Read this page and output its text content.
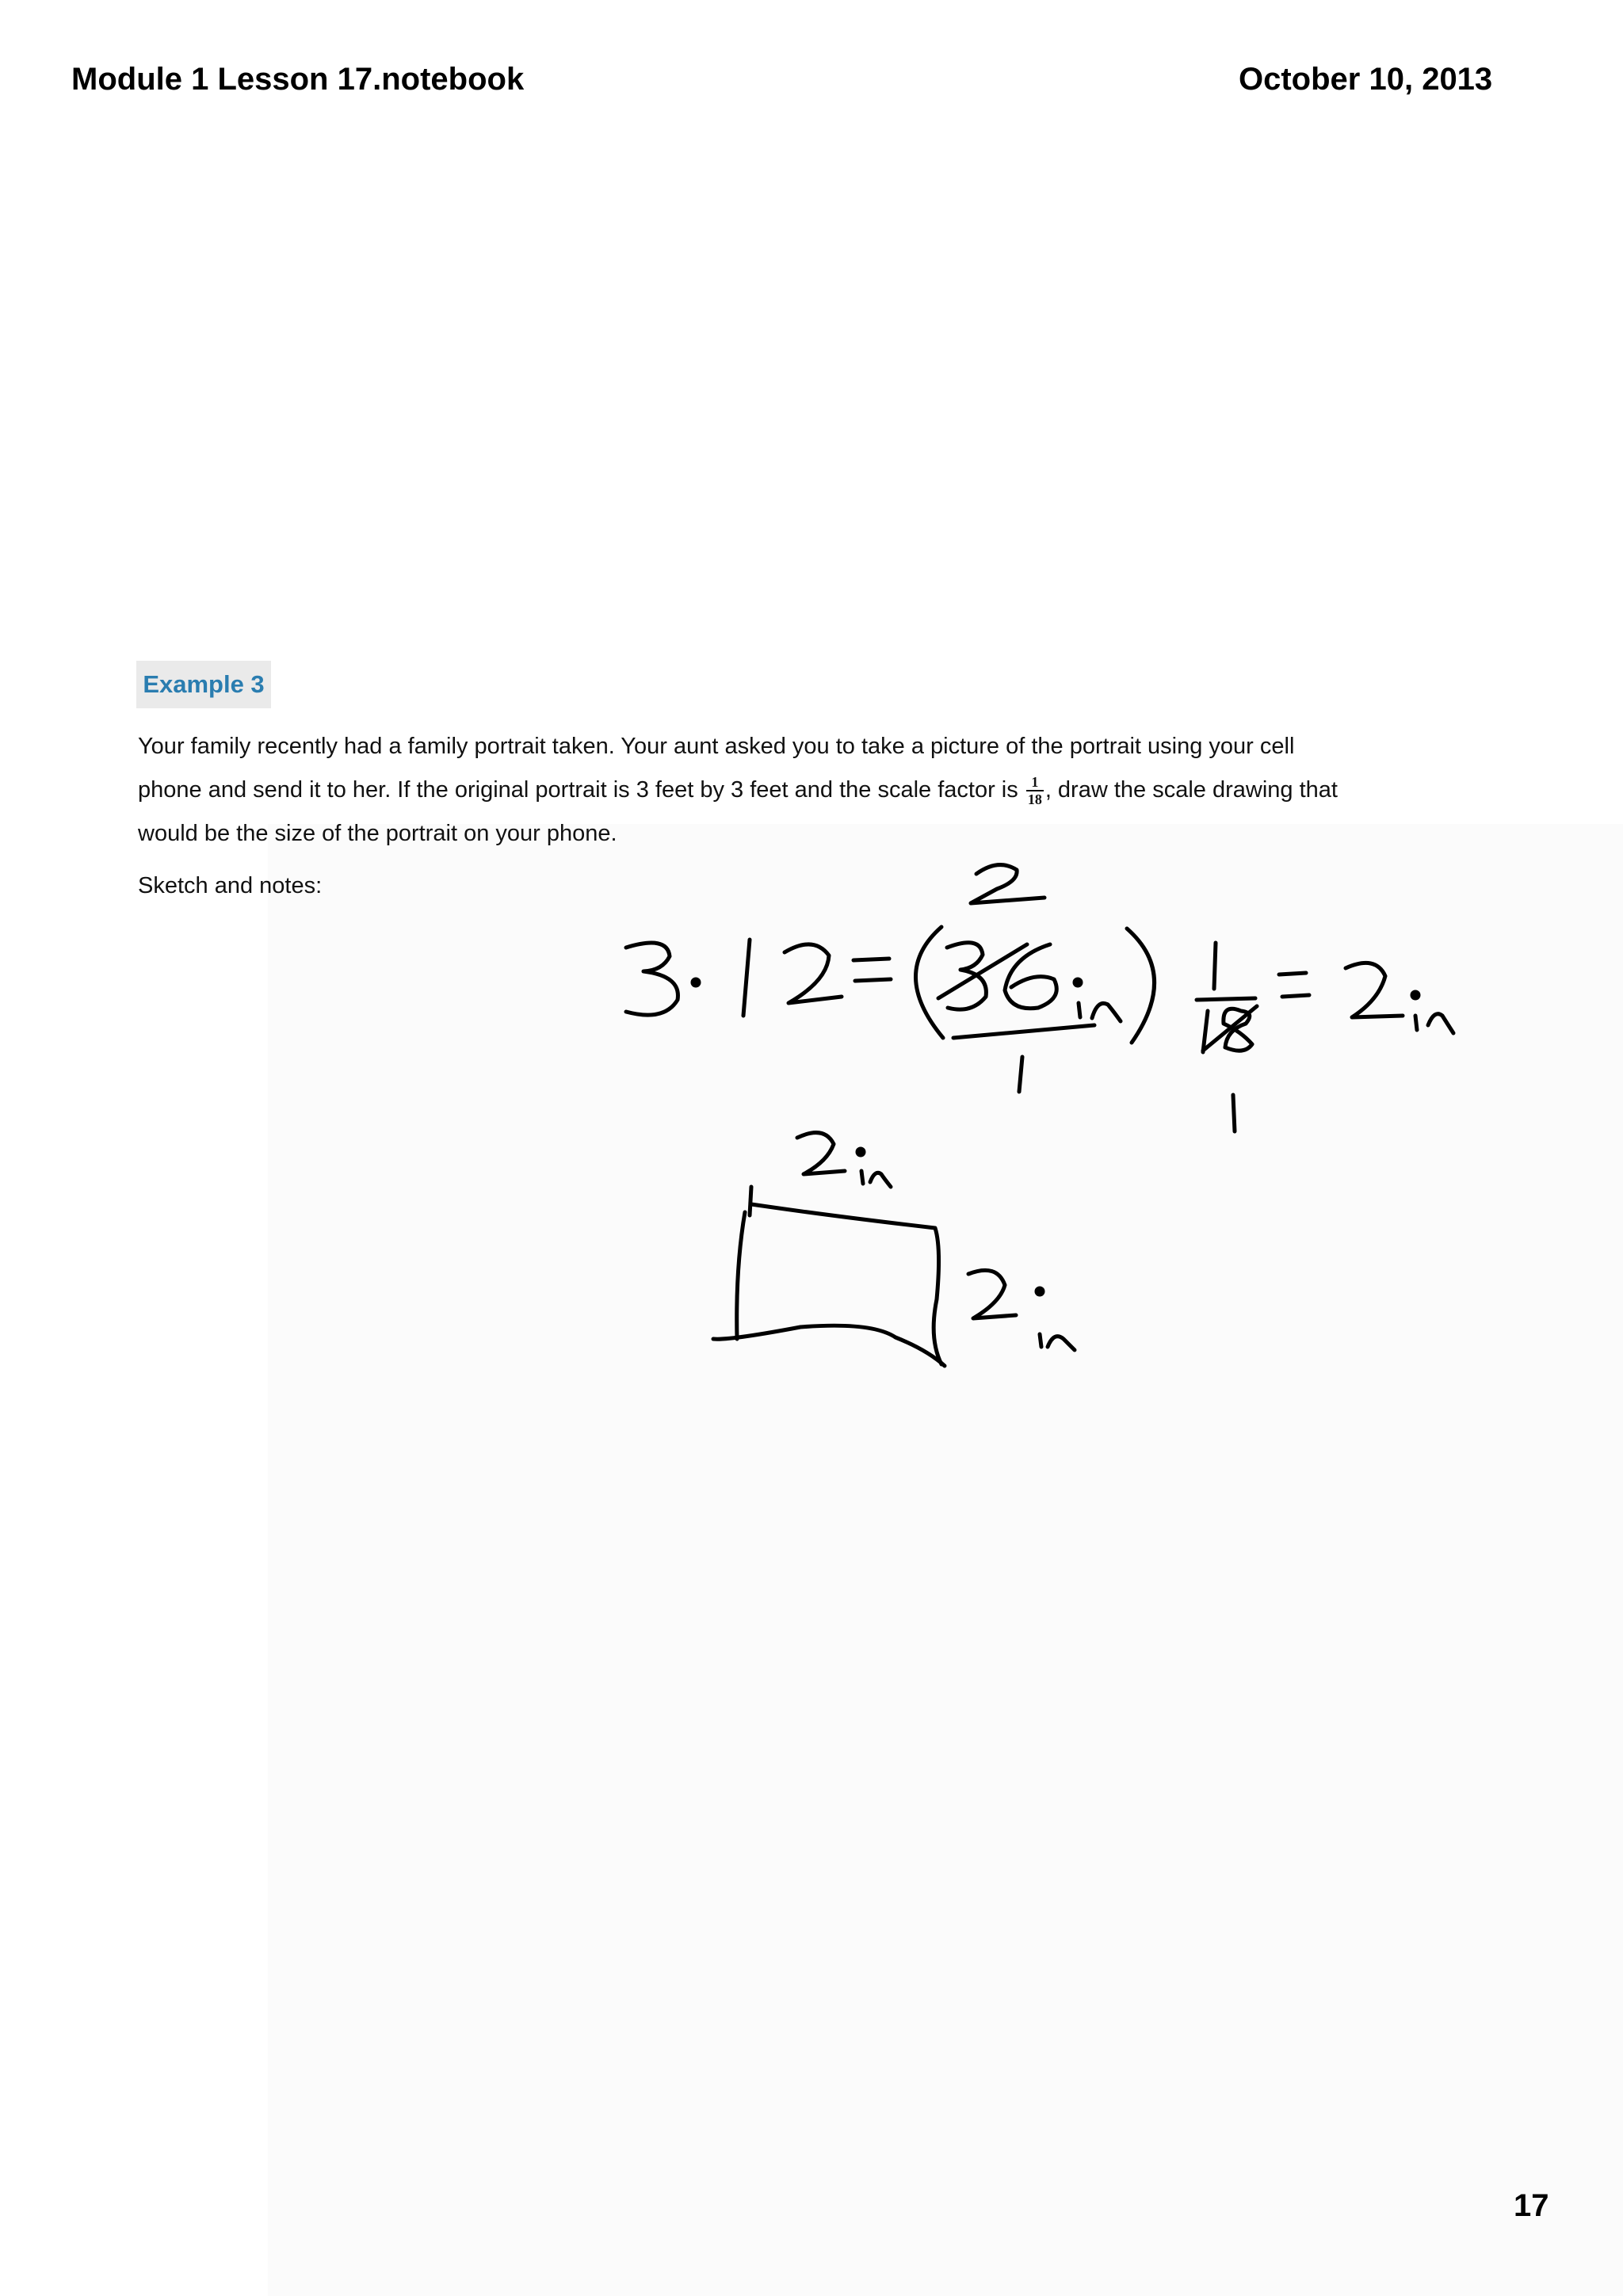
Module 1 Lesson 17.notebook	October 10, 2013
Example 3
Your family recently had a family portrait taken. Your aunt asked you to take a picture of the portrait using your cell
phone and send it to her. If the original portrait is 3 feet by 3 feet and the scale factor is $\frac{1}{18}$ , draw the scale drawing that
would be the size of the portrait on your phone.
Sketch and notes:
17
